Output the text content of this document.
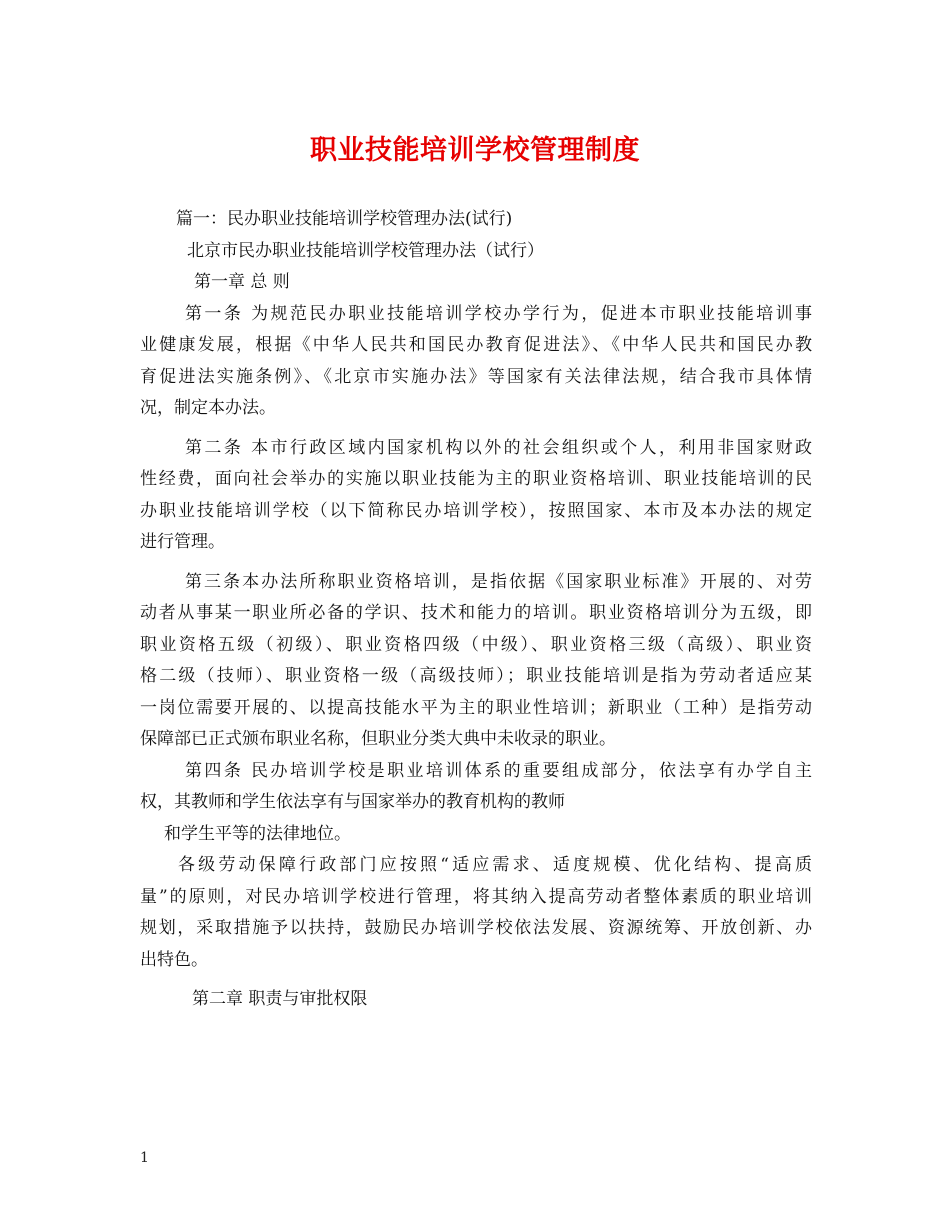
职业技能培训学校管理制度
篇一：民办职业技能培训学校管理办法(试行)
北京市民办职业技能培训学校管理办法（试行）
第一章 总 则
第一条 为规范民办职业技能培训学校办学行为，促进本市职业技能培训事
业健康发展，根据《中华人民共和国民办教育促进法》、《中华人民共和国民办教
育促进法实施条例》、《北京市实施办法》等国家有关法律法规，结合我市具体情
况，制定本办法。
第二条 本市行政区域内国家机构以外的社会组织或个人，利用非国家财政
性经费，面向社会举办的实施以职业技能为主的职业资格培训、职业技能培训的民
办职业技能培训学校（以下简称民办培训学校），按照国家、本市及本办法的规定
进行管理。
第三条本办法所称职业资格培训，是指依据《国家职业标准》开展的、对劳
动者从事某一职业所必备的学识、技术和能力的培训。职业资格培训分为五级，即
职业资格五级（初级）、职业资格四级（中级）、职业资格三级（高级）、职业资
格二级（技师）、职业资格一级（高级技师）；职业技能培训是指为劳动者适应某
一岗位需要开展的、以提高技能水平为主的职业性培训；新职业（工种）是指劳动
保障部已正式颁布职业名称，但职业分类大典中未收录的职业。
第四条 民办培训学校是职业培训体系的重要组成部分，依法享有办学自主
权，其教师和学生依法享有与国家举办的教育机构的教师
和学生平等的法律地位。
各级劳动保障行政部门应按照“适应需求、适度规模、优化结构、提高质
量”的原则，对民办培训学校进行管理，将其纳入提高劳动者整体素质的职业培训
规划，采取措施予以扶持，鼓励民办培训学校依法发展、资源统筹、开放创新、办
出特色。
第二章 职责与审批权限
1
